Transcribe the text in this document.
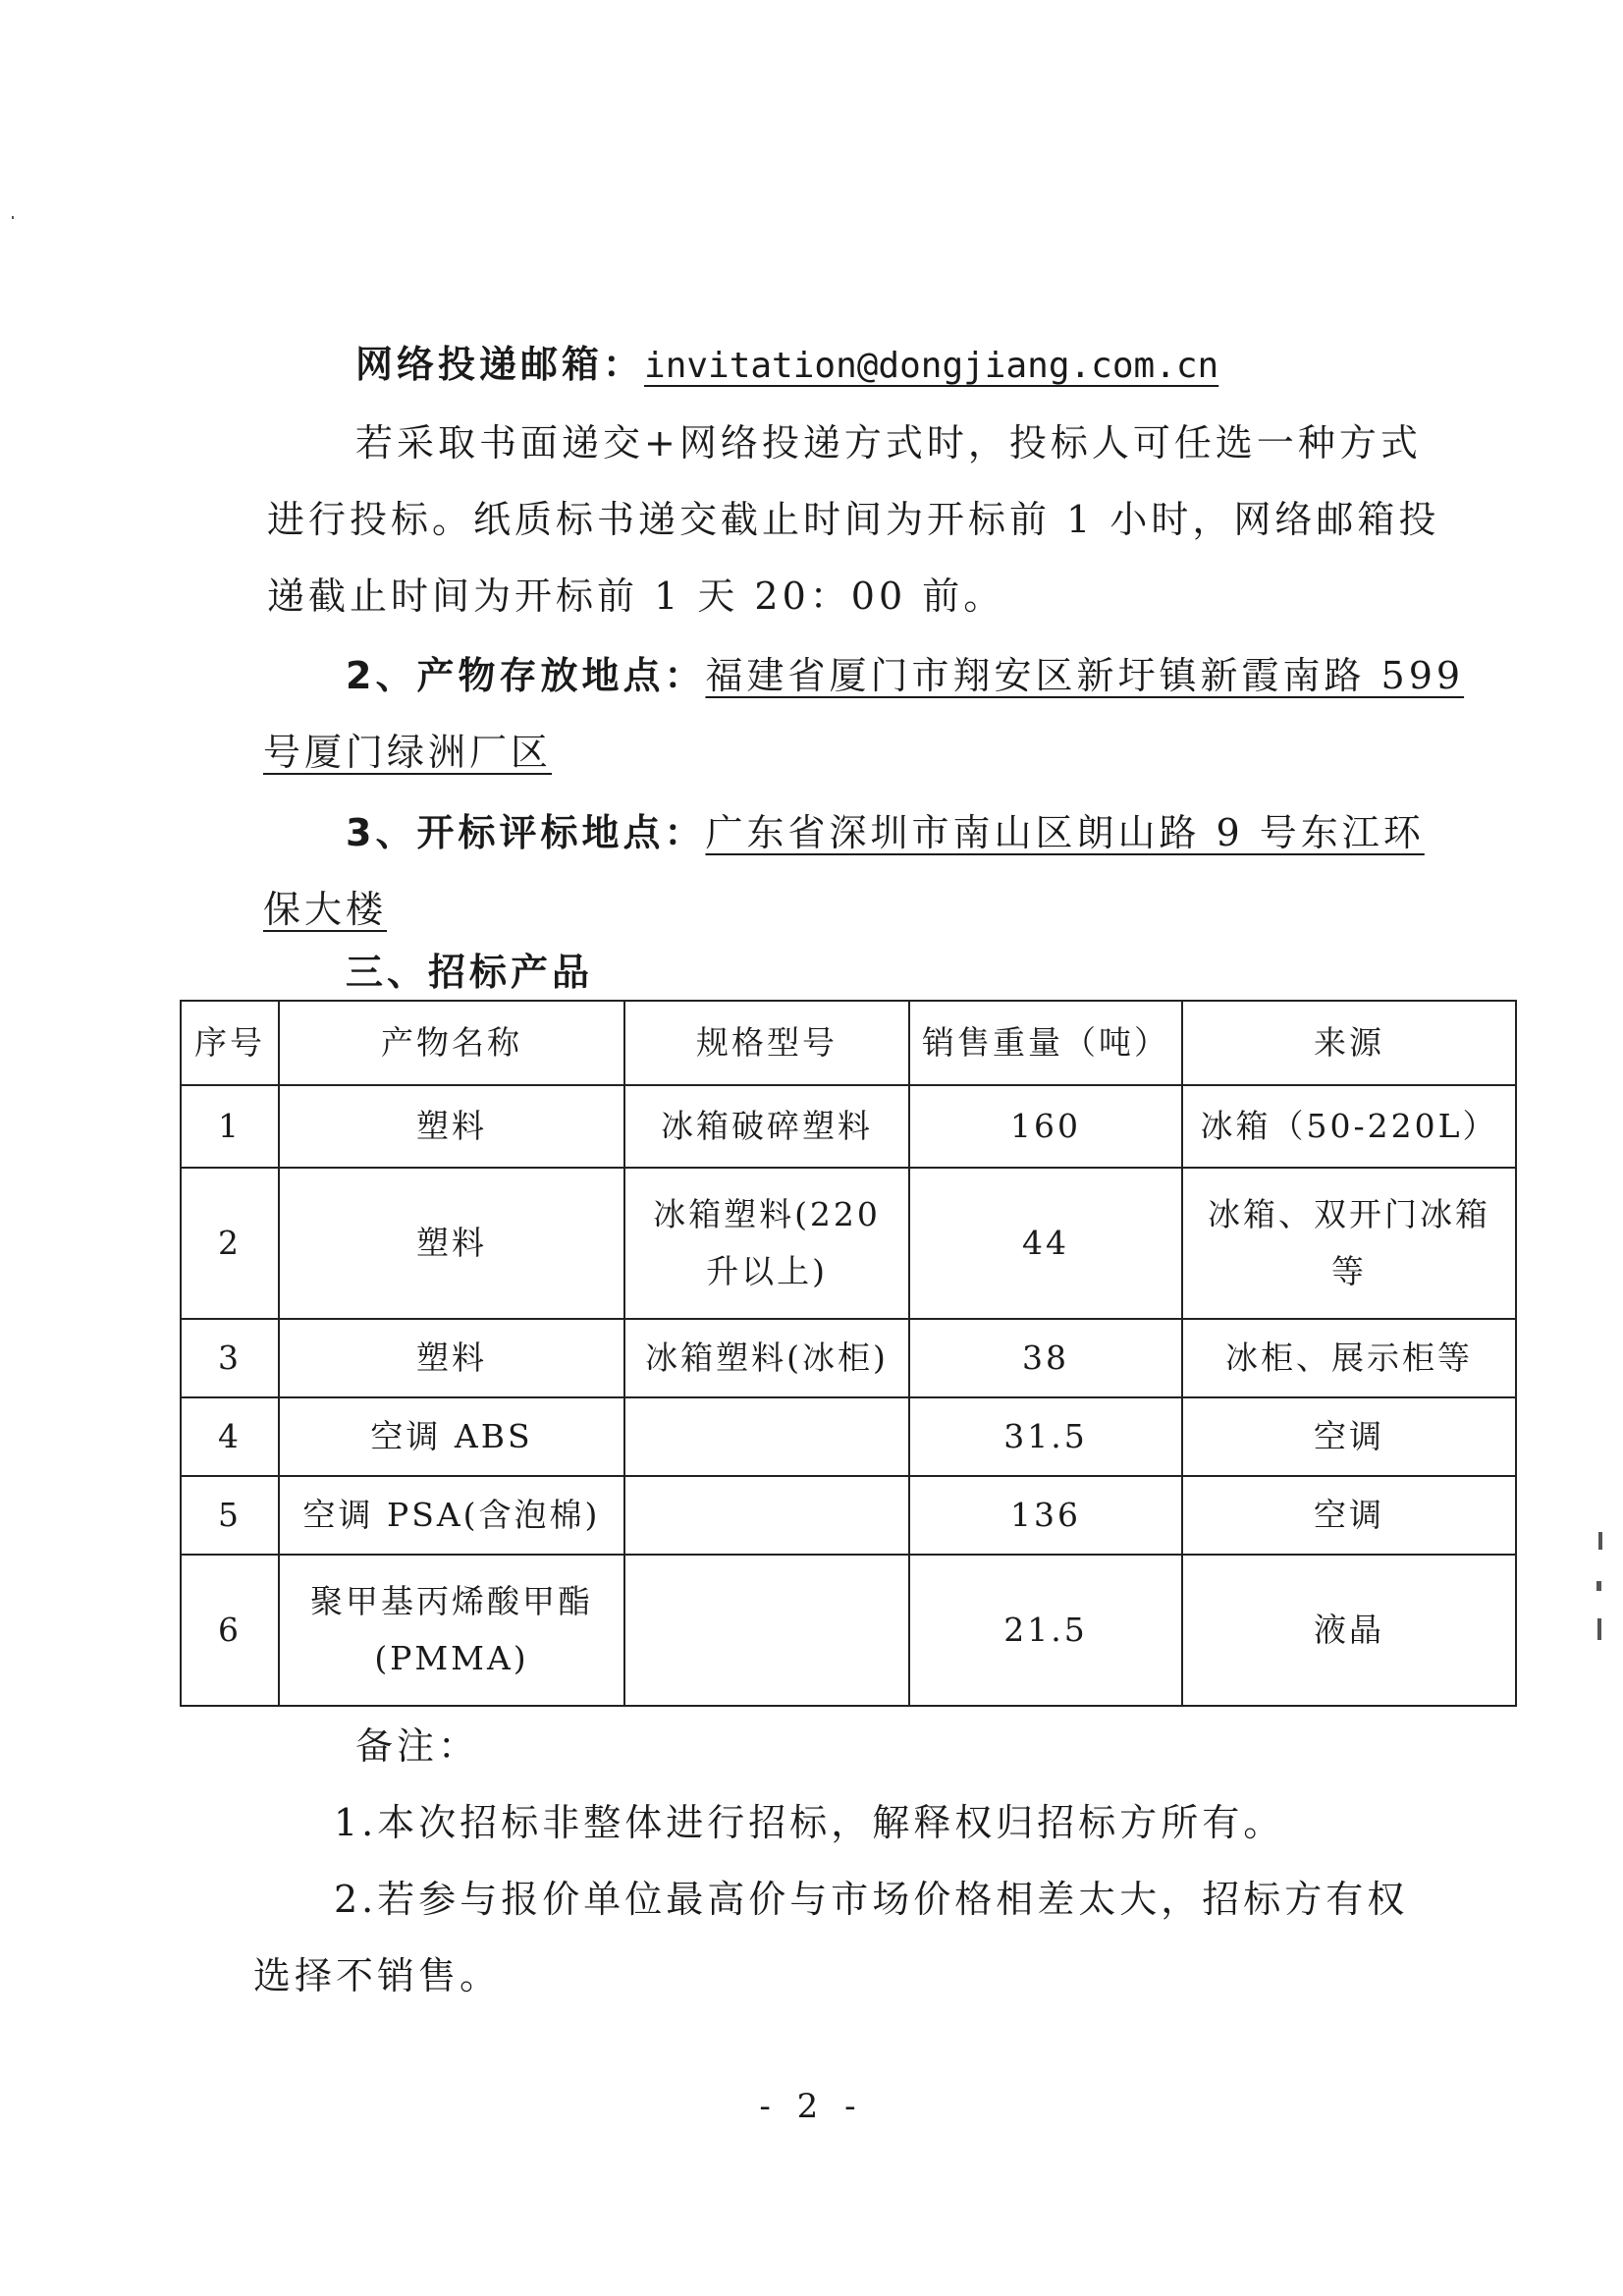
网络投递邮箱：invitation@dongjiang.com.cn
若采取书面递交+网络投递方式时，投标人可任选一种方式
进行投标。纸质标书递交截止时间为开标前 1 小时，网络邮箱投
递截止时间为开标前 1 天 20：00 前。
2、产物存放地点：福建省厦门市翔安区新圩镇新霞南路 599
号厦门绿洲厂区
3、开标评标地点：广东省深圳市南山区朗山路 9 号东江环
保大楼
三、招标产品
序号	产物名称	规格型号	销售重量（吨）	来源
1	塑料	冰箱破碎塑料	160	冰箱（50-220L）
2	塑料	冰箱塑料(220升以上)	44	冰箱、双开门冰箱等
3	塑料	冰箱塑料(冰柜)	38	冰柜、展示柜等
4	空调 ABS		31.5	空调
5	空调 PSA(含泡棉)		136	空调
6	聚甲基丙烯酸甲酯(PMMA)		21.5	液晶
备注：
1.本次招标非整体进行招标，解释权归招标方所有。
2.若参与报价单位最高价与市场价格相差太大，招标方有权
选择不销售。
- 2 -
